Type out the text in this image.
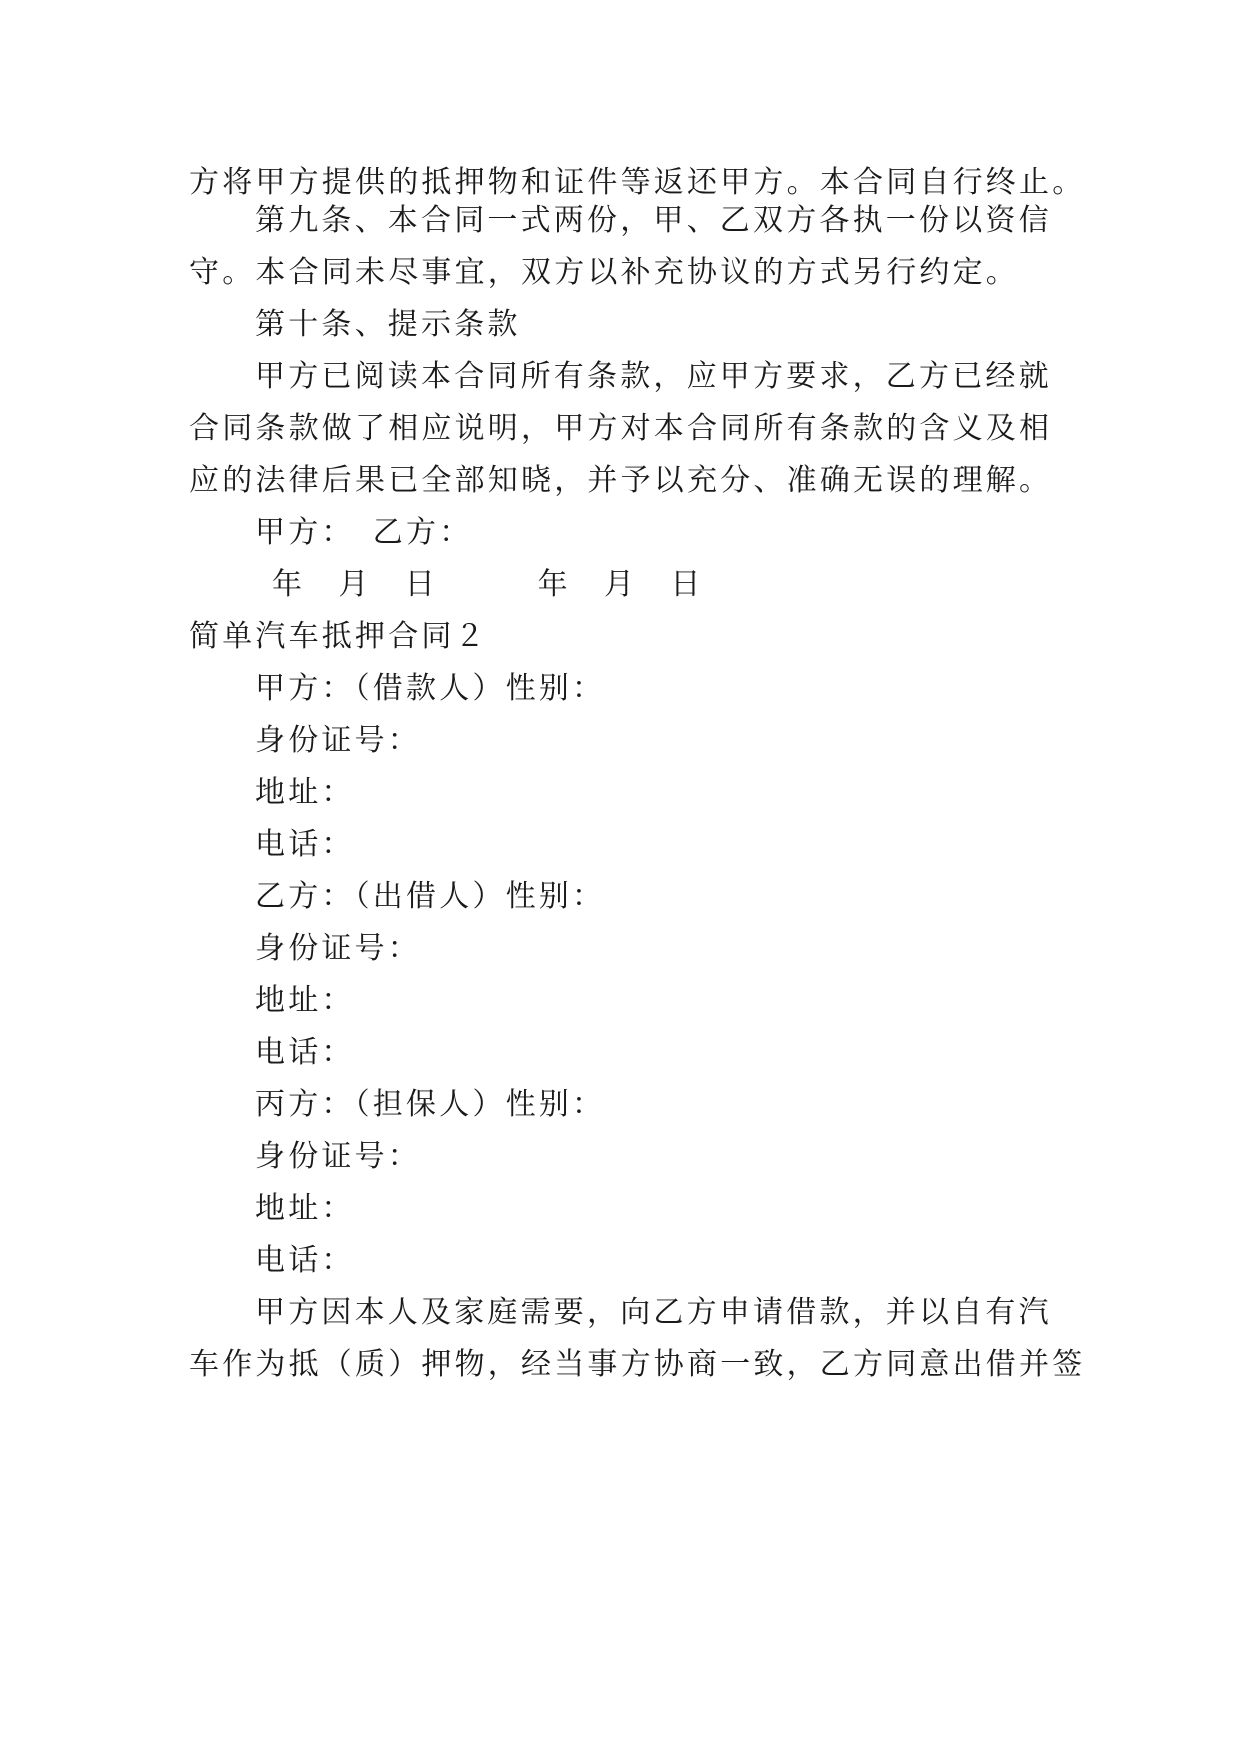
方将甲方提供的抵押物和证件等返还甲方。本合同自行终止。
第九条、本合同一式两份，甲、乙双方各执一份以资信
守。本合同未尽事宜，双方以补充协议的方式另行约定。
第十条、提示条款
甲方已阅读本合同所有条款，应甲方要求，乙方已经就
合同条款做了相应说明，甲方对本合同所有条款的含义及相
应的法律后果已全部知晓，并予以充分、准确无误的理解。
甲方：　乙方：
年　月　日　　　年　月　日
简单汽车抵押合同２
甲方：（借款人）性别：
身份证号：
地址：
电话：
乙方：（出借人）性别：
身份证号：
地址：
电话：
丙方：（担保人）性别：
身份证号：
地址：
电话：
甲方因本人及家庭需要，向乙方申请借款，并以自有汽
车作为抵（质）押物，经当事方协商一致，乙方同意出借并签
